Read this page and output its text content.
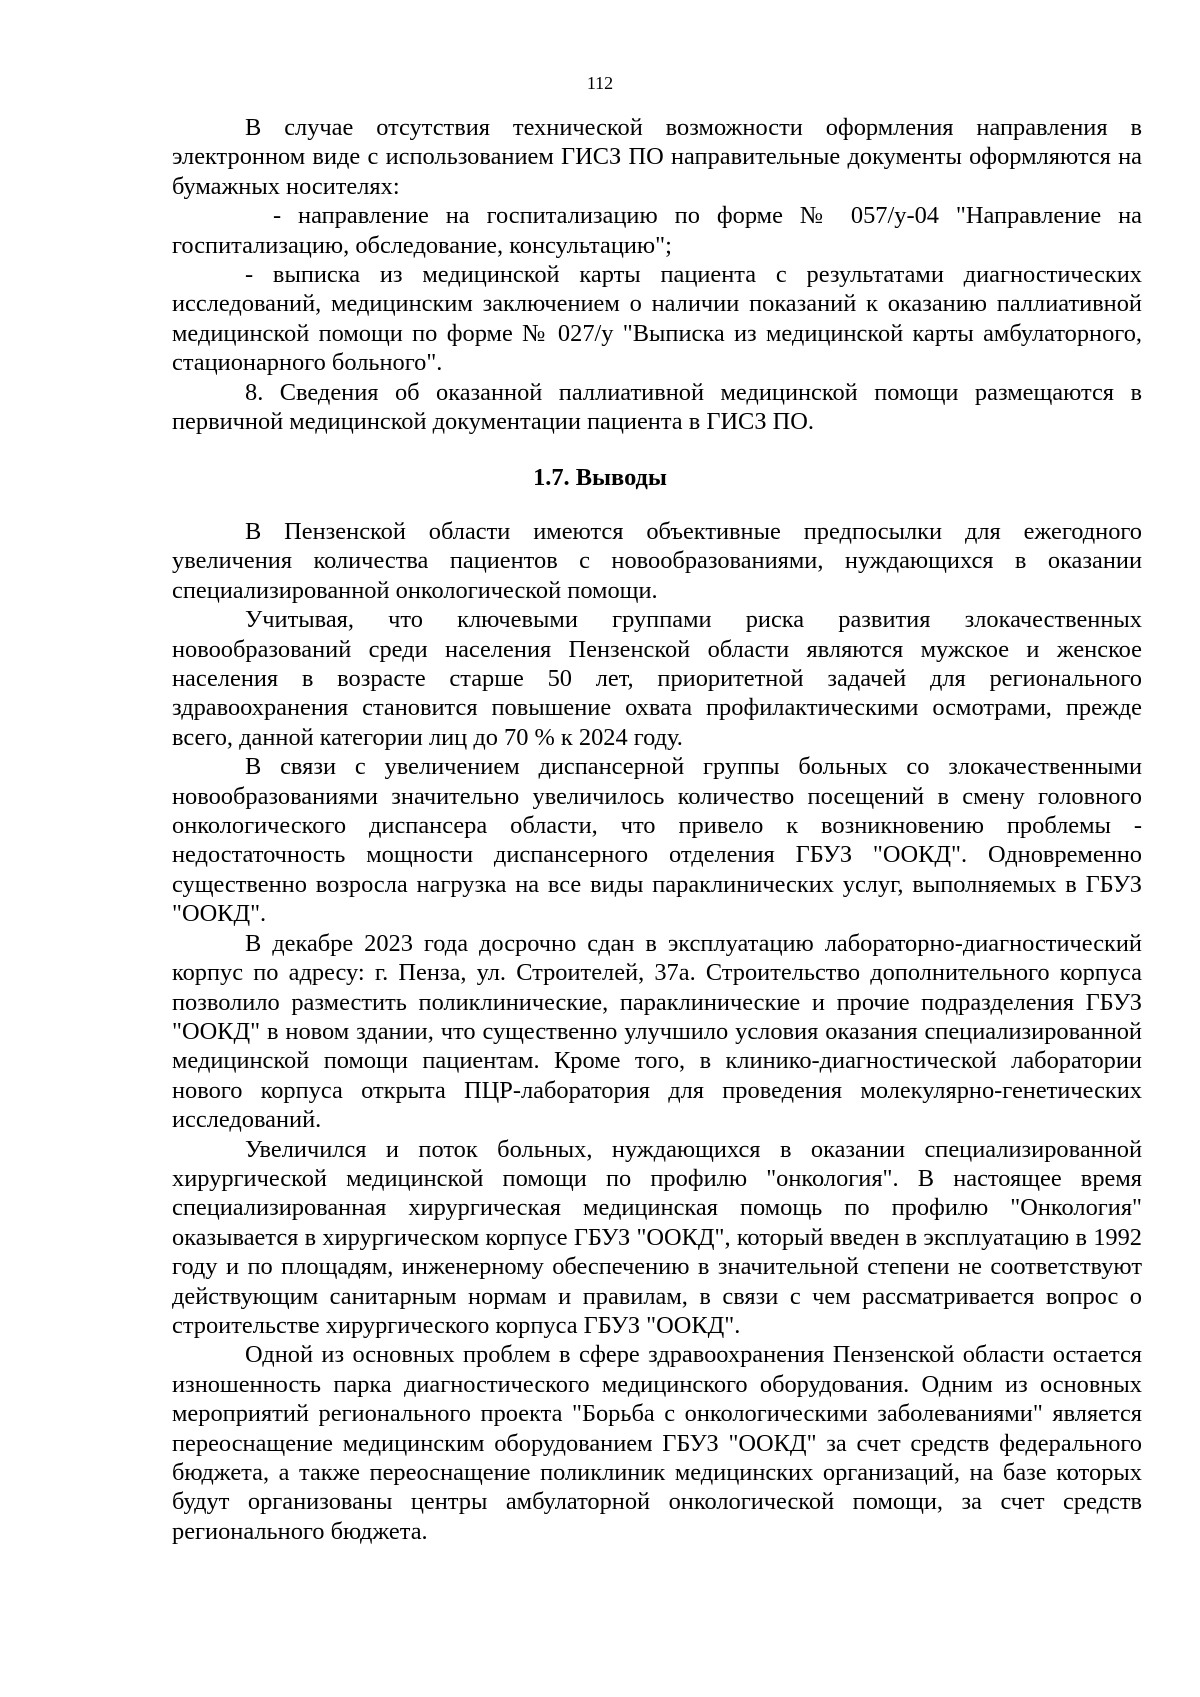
112

В случае отсутствия технической возможности оформления направления в электронном виде с использованием ГИСЗ ПО направительные документы оформляются на бумажных носителях:

- направление на госпитализацию по форме № 057/у-04 "Направление на госпитализацию, обследование, консультацию";

- выписка из медицинской карты пациента с результатами диагностических исследований, медицинским заключением о наличии показаний к оказанию паллиативной медицинской помощи по форме № 027/у "Выписка из медицинской карты амбулаторного, стационарного больного".

8. Сведения об оказанной паллиативной медицинской помощи размещаются в первичной медицинской документации пациента в ГИСЗ ПО.

1.7. Выводы

В Пензенской области имеются объективные предпосылки для ежегодного увеличения количества пациентов с новообразованиями, нуждающихся в оказании специализированной онкологической помощи.

Учитывая, что ключевыми группами риска развития злокачественных новообразований среди населения Пензенской области являются мужское и женское населения в возрасте старше 50 лет, приоритетной задачей для регионального здравоохранения становится повышение охвата профилактическими осмотрами, прежде всего, данной категории лиц до 70 % к 2024 году.

В связи с увеличением диспансерной группы больных со злокачественными новообразованиями значительно увеличилось количество посещений в смену головного онкологического диспансера области, что привело к возникновению проблемы - недостаточность мощности диспансерного отделения ГБУЗ "ООКД". Одновременно существенно возросла нагрузка на все виды параклинических услуг, выполняемых в ГБУЗ "ООКД".

В декабре 2023 года досрочно сдан в эксплуатацию лабораторно-диагностический корпус по адресу: г. Пенза, ул. Строителей, 37а. Строительство дополнительного корпуса позволило разместить поликлинические, параклинические и прочие подразделения ГБУЗ "ООКД" в новом здании, что существенно улучшило условия оказания специализированной медицинской помощи пациентам. Кроме того, в клинико-диагностической лаборатории нового корпуса открыта ПЦР-лаборатория для проведения молекулярно-генетических исследований.

Увеличился и поток больных, нуждающихся в оказании специализированной хирургической медицинской помощи по профилю "онкология". В настоящее время специализированная хирургическая медицинская помощь по профилю "Онкология" оказывается в хирургическом корпусе ГБУЗ "ООКД", который введен в эксплуатацию в 1992 году и по площадям, инженерному обеспечению в значительной степени не соответствуют действующим санитарным нормам и правилам, в связи с чем рассматривается вопрос о строительстве хирургического корпуса ГБУЗ "ООКД".

Одной из основных проблем в сфере здравоохранения Пензенской области остается изношенность парка диагностического медицинского оборудования. Одним из основных мероприятий регионального проекта "Борьба с онкологическими заболеваниями" является переоснащение медицинским оборудованием ГБУЗ "ООКД" за счет средств федерального бюджета, а также переоснащение поликлиник медицинских организаций, на базе которых будут организованы центры амбулаторной онкологической помощи, за счет средств регионального бюджета.
